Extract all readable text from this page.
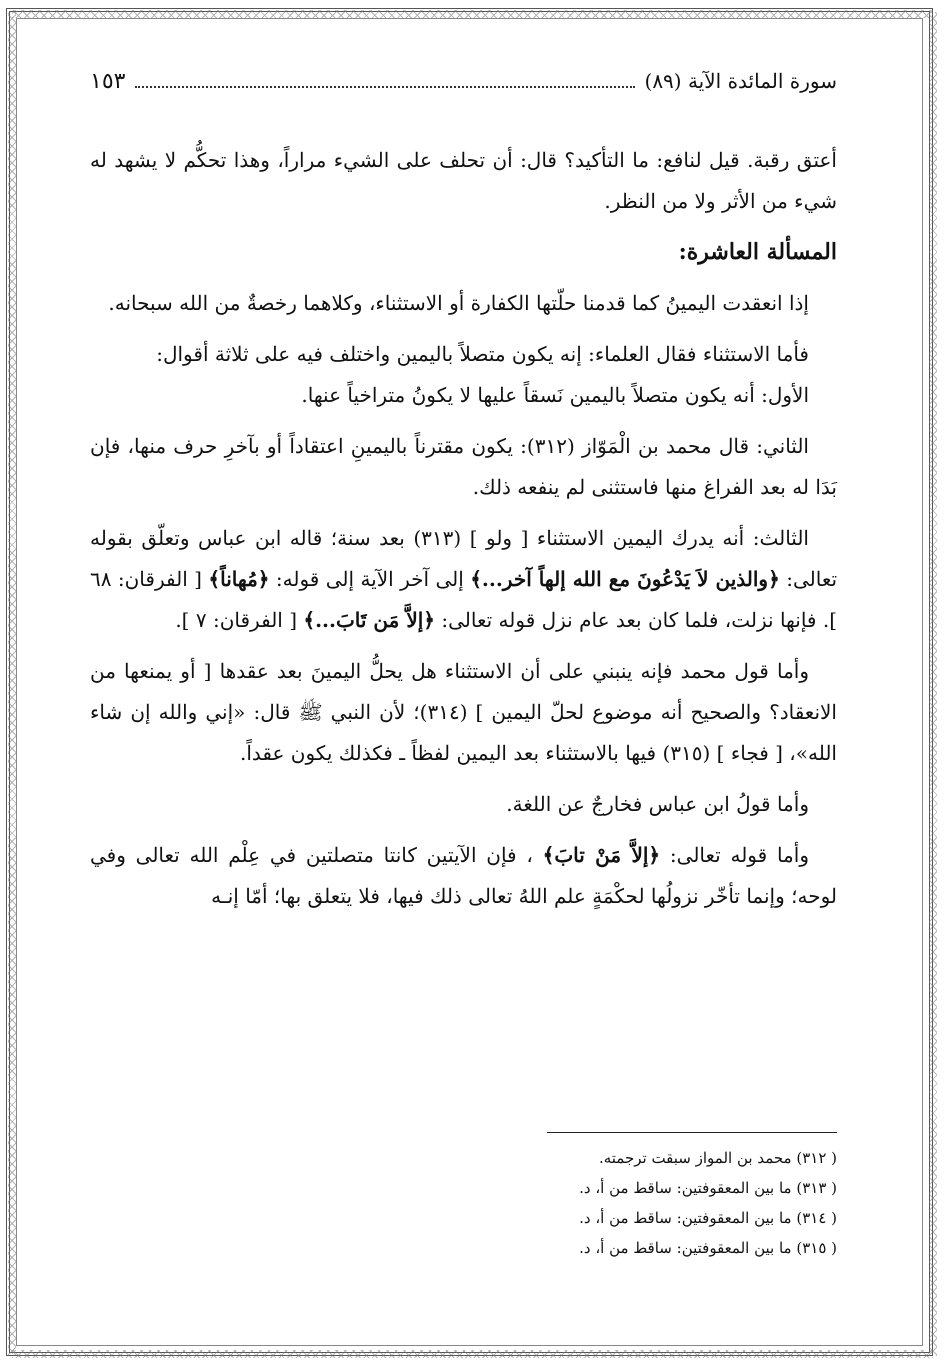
سورة المائدة الآية (٨٩)
١٥٣

أعتق رقبة. قيل لنافع: ما التأكيد؟ قال: أن تحلف على الشيء مراراً، وهذا تحكُّم لا يشهد له شيء من الأثر ولا من النظر.

المسألة العاشرة:

إذا انعقدت اليمينُ كما قدمنا حلّتها الكفارة أو الاستثناء، وكلاهما رخصةٌ من الله سبحانه.

فأما الاستثناء فقال العلماء: إنه يكون متصلاً باليمين واختلف فيه على ثلاثة أقوال:

الأول: أنه يكون متصلاً باليمين نَسقاً عليها لا يكونُ متراخياً عنها.

الثاني: قال محمد بن الْمَوّاز (٣١٢): يكون مقترناً باليمينِ اعتقاداً أو بآخرِ حرف منها، فإن بَدَا له بعد الفراغ منها فاستثنى لم ينفعه ذلك.

الثالث: أنه يدرك اليمين الاستثناء [ ولو ] (٣١٣) بعد سنة؛ قاله ابن عباس وتعلّق بقوله تعالى: ﴿والذين لاَ يَدْعُونَ مع الله إلهاً آخر...﴾ إلى آخر الآية إلى قوله: ﴿مُهاناً﴾ [ الفرقان: ٦٨ ]. فإنها نزلت، فلما كان بعد عام نزل قوله تعالى: ﴿إلاَّ مَن تَابَ...﴾ [ الفرقان: ٧ ].

وأما قول محمد فإنه ينبني على أن الاستثناء هل يحلُّ اليمينَ بعد عقدها [ أو يمنعها من الانعقاد؟ والصحيح أنه موضوع لحلّ اليمين ] (٣١٤)؛ لأن النبي ﷺ قال: «إني والله إن شاء الله»، [ فجاء ] (٣١٥) فيها بالاستثناء بعد اليمين لفظاً ـ فكذلك يكون عقداً.

وأما قولُ ابن عباس فخارجٌ عن اللغة.

وأما قوله تعالى: ﴿إلاَّ مَنْ تابَ﴾ ، فإن الآيتين كانتا متصلتين في عِلْم الله تعالى وفي لوحه؛ وإنما تأخّر نزولُها لحكْمَةٍ علم اللهُ تعالى ذلك فيها، فلا يتعلق بها؛ أمّا إنـه

( ٣١٢) محمد بن المواز سبقت ترجمته.
( ٣١٣) ما بين المعقوفتين: ساقط من أ، د.
( ٣١٤) ما بين المعقوفتين: ساقط من أ، د.
( ٣١٥) ما بين المعقوفتين: ساقط من أ، د.
